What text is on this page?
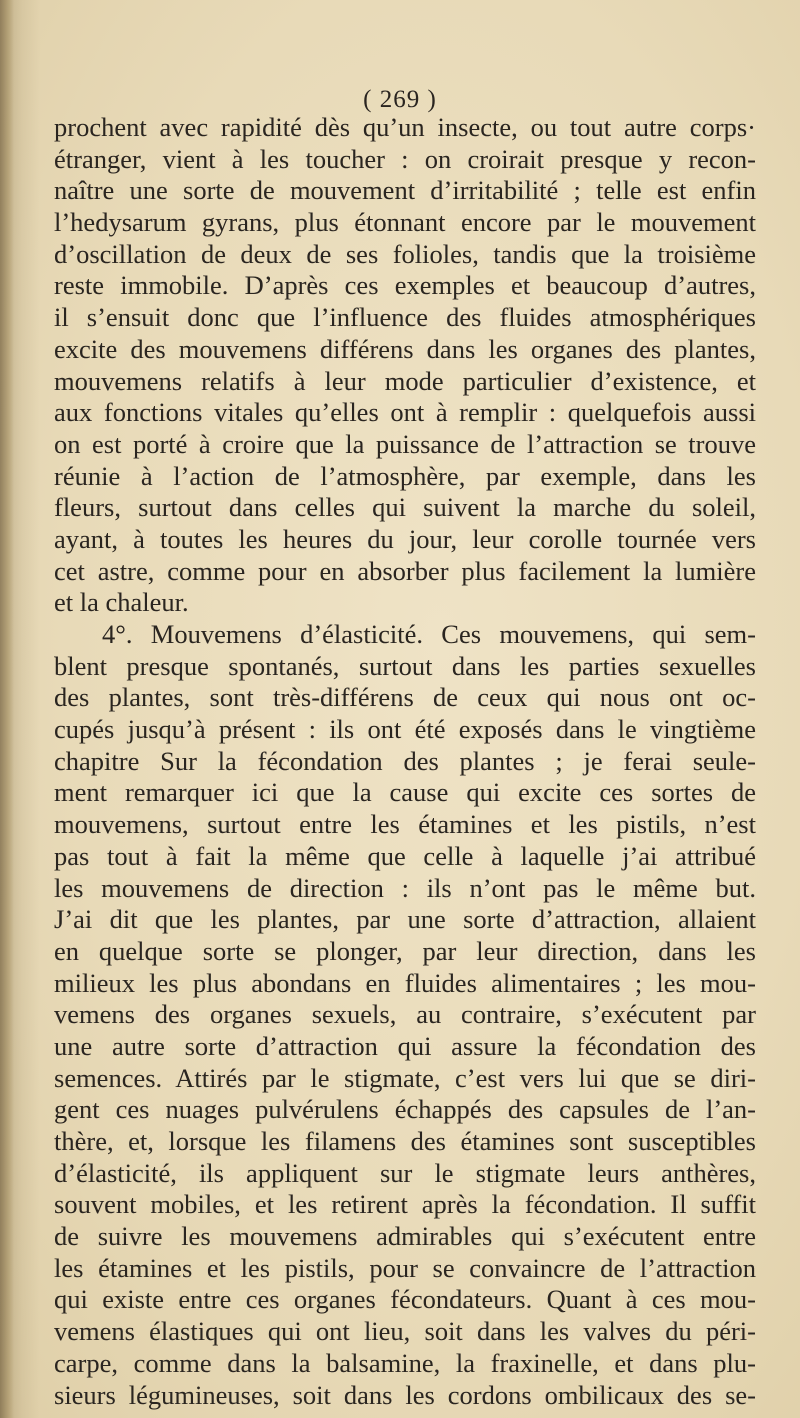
( 269 )
prochent avec rapidité dès qu’un insecte, ou tout autre corps·
étranger, vient à les toucher : on croirait presque y recon-
naître une sorte de mouvement d’irritabilité ; telle est enfin
l’hedysarum gyrans, plus étonnant encore par le mouvement
d’oscillation de deux de ses folioles, tandis que la troisième
reste immobile. D’après ces exemples et beaucoup d’autres,
il s’ensuit donc que l’influence des fluides atmosphériques
excite des mouvemens différens dans les organes des plantes,
mouvemens relatifs à leur mode particulier d’existence, et
aux fonctions vitales qu’elles ont à remplir : quelquefois aussi
on est porté à croire que la puissance de l’attraction se trouve
réunie à l’action de l’atmosphère, par exemple, dans les
fleurs, surtout dans celles qui suivent la marche du soleil,
ayant, à toutes les heures du jour, leur corolle tournée vers
cet astre, comme pour en absorber plus facilement la lumière
et la chaleur.
4°. Mouvemens d’élasticité. Ces mouvemens, qui sem-
blent presque spontanés, surtout dans les parties sexuelles
des plantes, sont très-différens de ceux qui nous ont oc-
cupés jusqu’à présent : ils ont été exposés dans le vingtième
chapitre Sur la fécondation des plantes ; je ferai seule-
ment remarquer ici que la cause qui excite ces sortes de
mouvemens, surtout entre les étamines et les pistils, n’est
pas tout à fait la même que celle à laquelle j’ai attribué
les mouvemens de direction : ils n’ont pas le même but.
J’ai dit que les plantes, par une sorte d’attraction, allaient
en quelque sorte se plonger, par leur direction, dans les
milieux les plus abondans en fluides alimentaires ; les mou-
vemens des organes sexuels, au contraire, s’exécutent par
une autre sorte d’attraction qui assure la fécondation des
semences. Attirés par le stigmate, c’est vers lui que se diri-
gent ces nuages pulvérulens échappés des capsules de l’an-
thère, et, lorsque les filamens des étamines sont susceptibles
d’élasticité, ils appliquent sur le stigmate leurs anthères,
souvent mobiles, et les retirent après la fécondation. Il suffit
de suivre les mouvemens admirables qui s’exécutent entre
les étamines et les pistils, pour se convaincre de l’attraction
qui existe entre ces organes fécondateurs. Quant à ces mou-
vemens élastiques qui ont lieu, soit dans les valves du péri-
carpe, comme dans la balsamine, la fraxinelle, et dans plu-
sieurs légumineuses, soit dans les cordons ombilicaux des se-
